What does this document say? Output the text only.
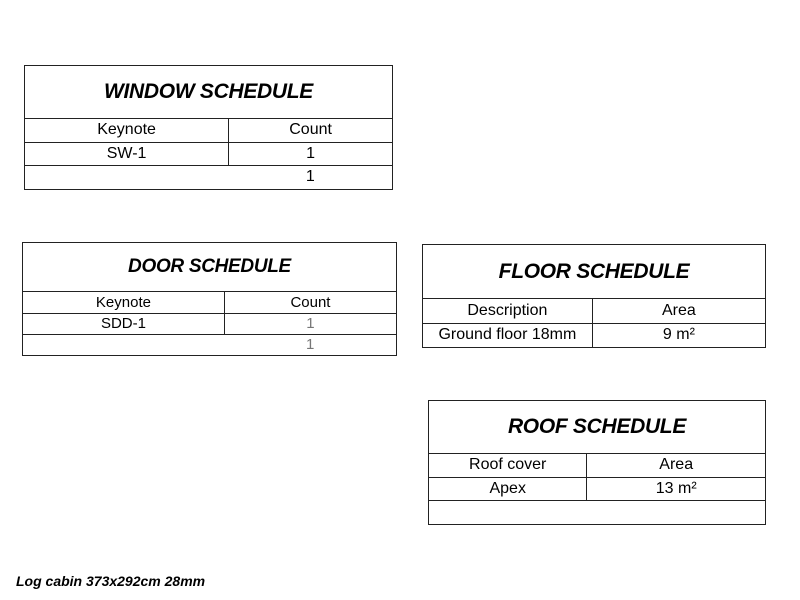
WINDOW SCHEDULE
Keynote	Count
SW-1	1
	1
DOOR SCHEDULE
Keynote	Count
SDD-1	1
	1
FLOOR SCHEDULE
Description	Area
Ground floor 18mm	9 m²
ROOF SCHEDULE
Roof cover	Area
Apex	13 m²

Log cabin 373x292cm 28mm
